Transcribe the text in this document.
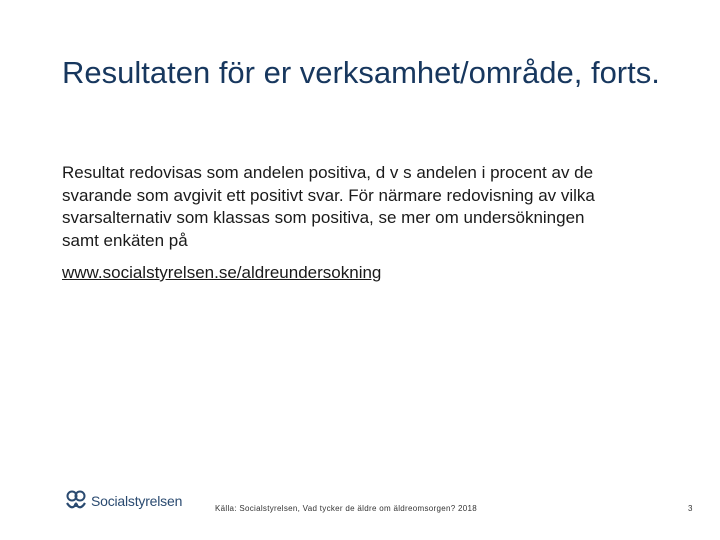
Resultaten för er verksamhet/område, forts.

Resultat redovisas som andelen positiva, d v s andelen i procent av de svarande som avgivit ett positivt svar. För närmare redovisning av vilka svarsalternativ som klassas som positiva, se mer om undersökningen samt enkäten på

www.socialstyrelsen.se/aldreundersokning
Socialstyrelsen	Källa: Socialstyrelsen, Vad tycker de äldre om äldreomsorgen? 2018	3
